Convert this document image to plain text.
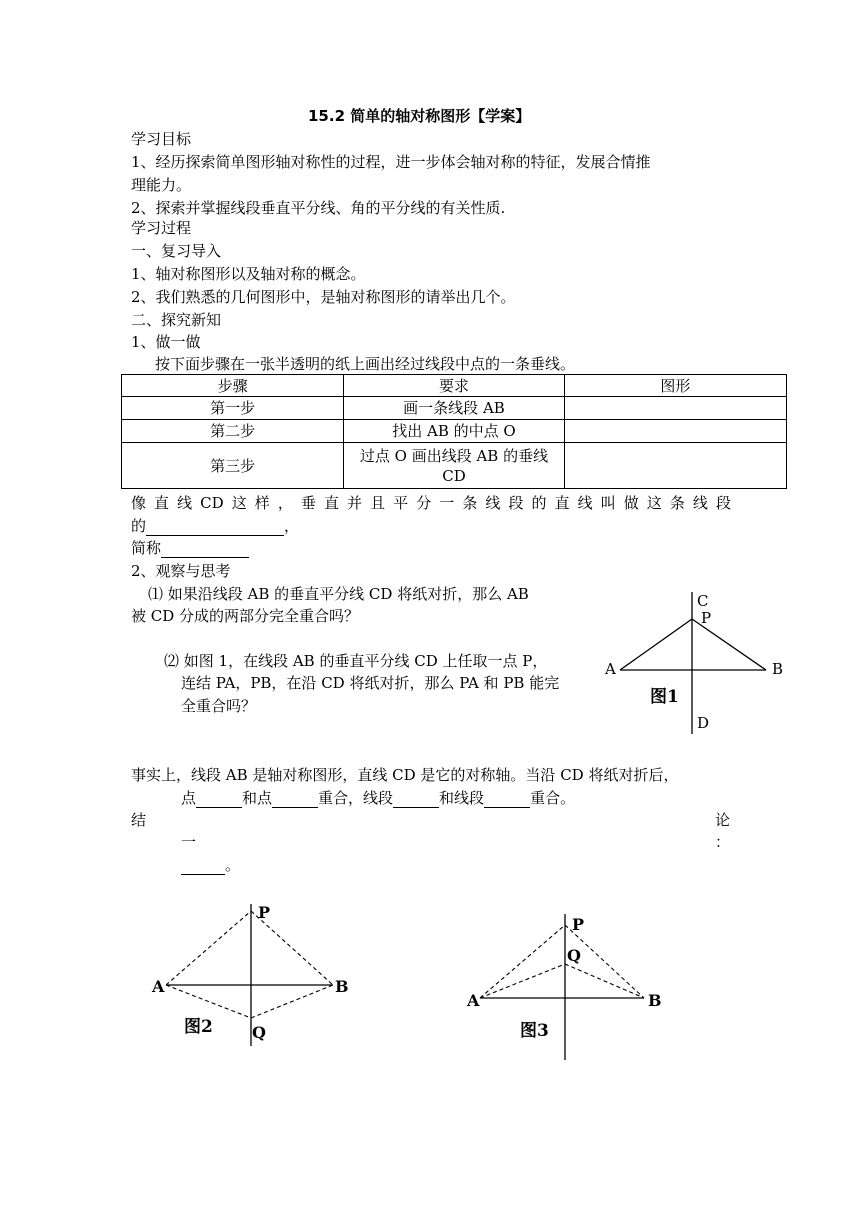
15.2 简单的轴对称图形【学案】
学习目标
1、经历探索简单图形轴对称性的过程，进一步体会轴对称的特征，发展合情推
理能力。
2、探索并掌握线段垂直平分线、角的平分线的有关性质.
学习过程
一、复习导入
1、轴对称图形以及轴对称的概念。
2、我们熟悉的几何图形中，是轴对称图形的请举出几个。
二、探究新知
1、做一做
按下面步骤在一张半透明的纸上画出经过线段中点的一条垂线。
步骤	要求	图形
第一步	画一条线段 AB	
第二步	找出 AB 的中点 O	
第三步	过点 O 画出线段 AB 的垂线
CD	

像直线CD这样，垂直并且平分一条线段的直线叫做这条线段
的	，
简称
2、观察与思考
⑴ 如果沿线段 AB 的垂直平分线 CD 将纸对折，那么 AB
被 CD 分成的两部分完全重合吗？
⑵ 如图 1，在线段 AB 的垂直平分线 CD 上任取一点 P，
连结 PA，PB，在沿 CD 将纸对折，那么 PA 和 PB 能完
全重合吗？
C
P
A	B
图1
D
事实上，线段 AB 是轴对称图形，直线 CD 是它的对称轴。当沿 CD 将纸对折后，
点	和点	重合，线段	和线段	重合。
结	论
一	：
。
P
A	B
图2 Q
P
Q
A	B
图3
